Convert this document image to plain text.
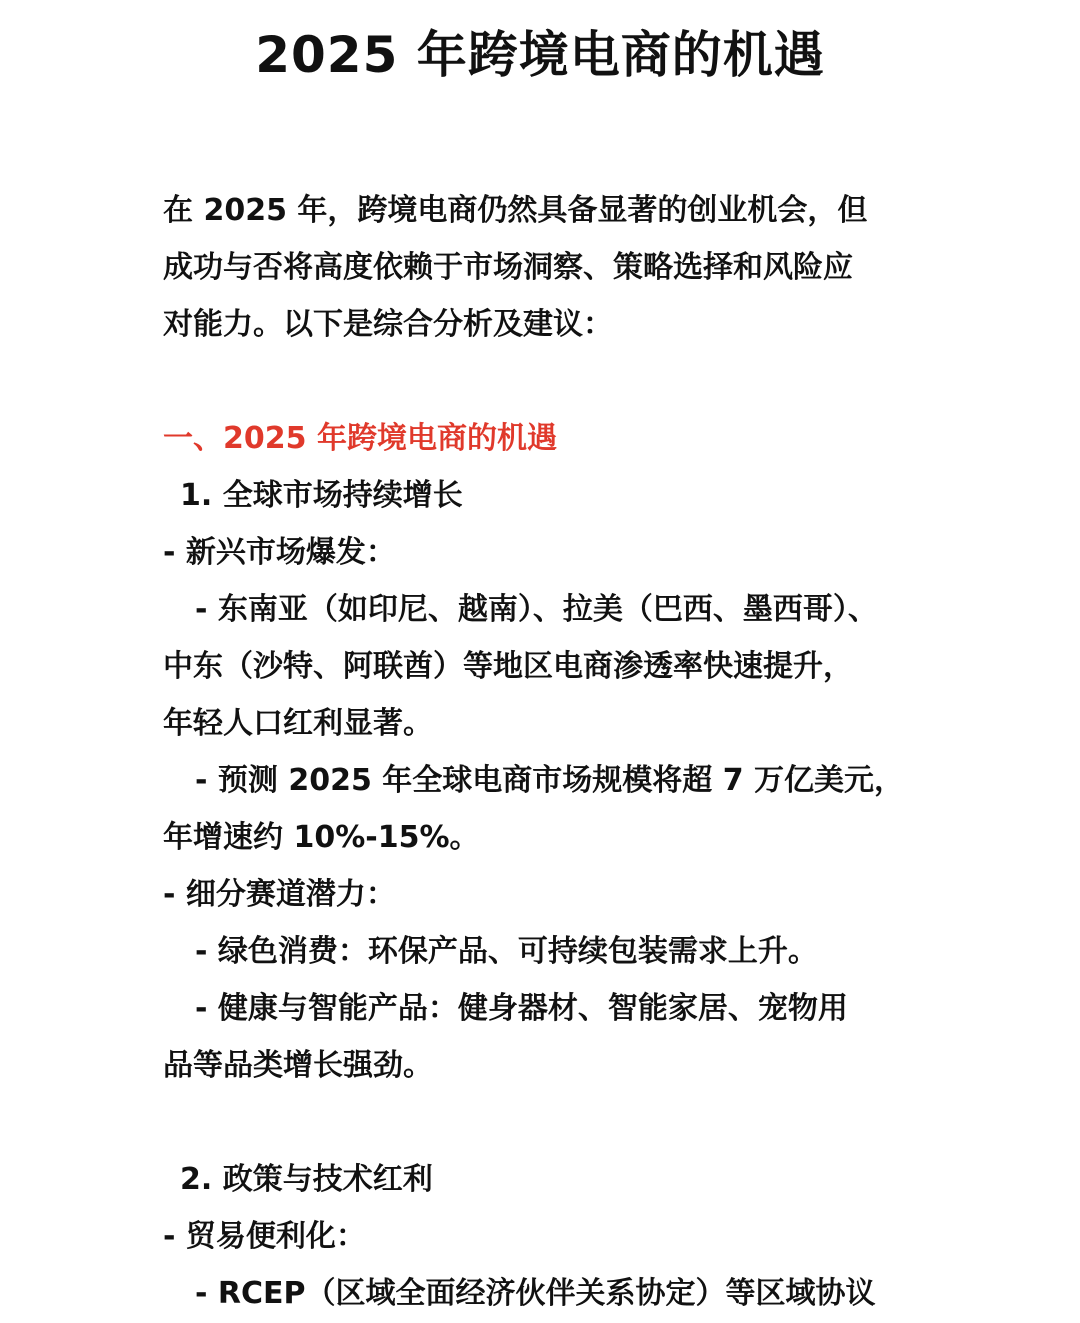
2025 年跨境电商的机遇
在 2025 年，跨境电商仍然具备显著的创业机会，但
成功与否将高度依赖于市场洞察、策略选择和风险应
对能力。以下是综合分析及建议：
一、2025 年跨境电商的机遇
1. 全球市场持续增长
- 新兴市场爆发：
- 东南亚（如印尼、越南）、拉美（巴西、墨西哥）、
中东（沙特、阿联酋）等地区电商渗透率快速提升，
年轻人口红利显著。
- 预测 2025 年全球电商市场规模将超 7 万亿美元，
年增速约 10%-15%。
- 细分赛道潜力：
- 绿色消费：环保产品、可持续包装需求上升。
- 健康与智能产品：健身器材、智能家居、宠物用
品等品类增长强劲。
2. 政策与技术红利
- 贸易便利化：
- RCEP（区域全面经济伙伴关系协定）等区域协议
